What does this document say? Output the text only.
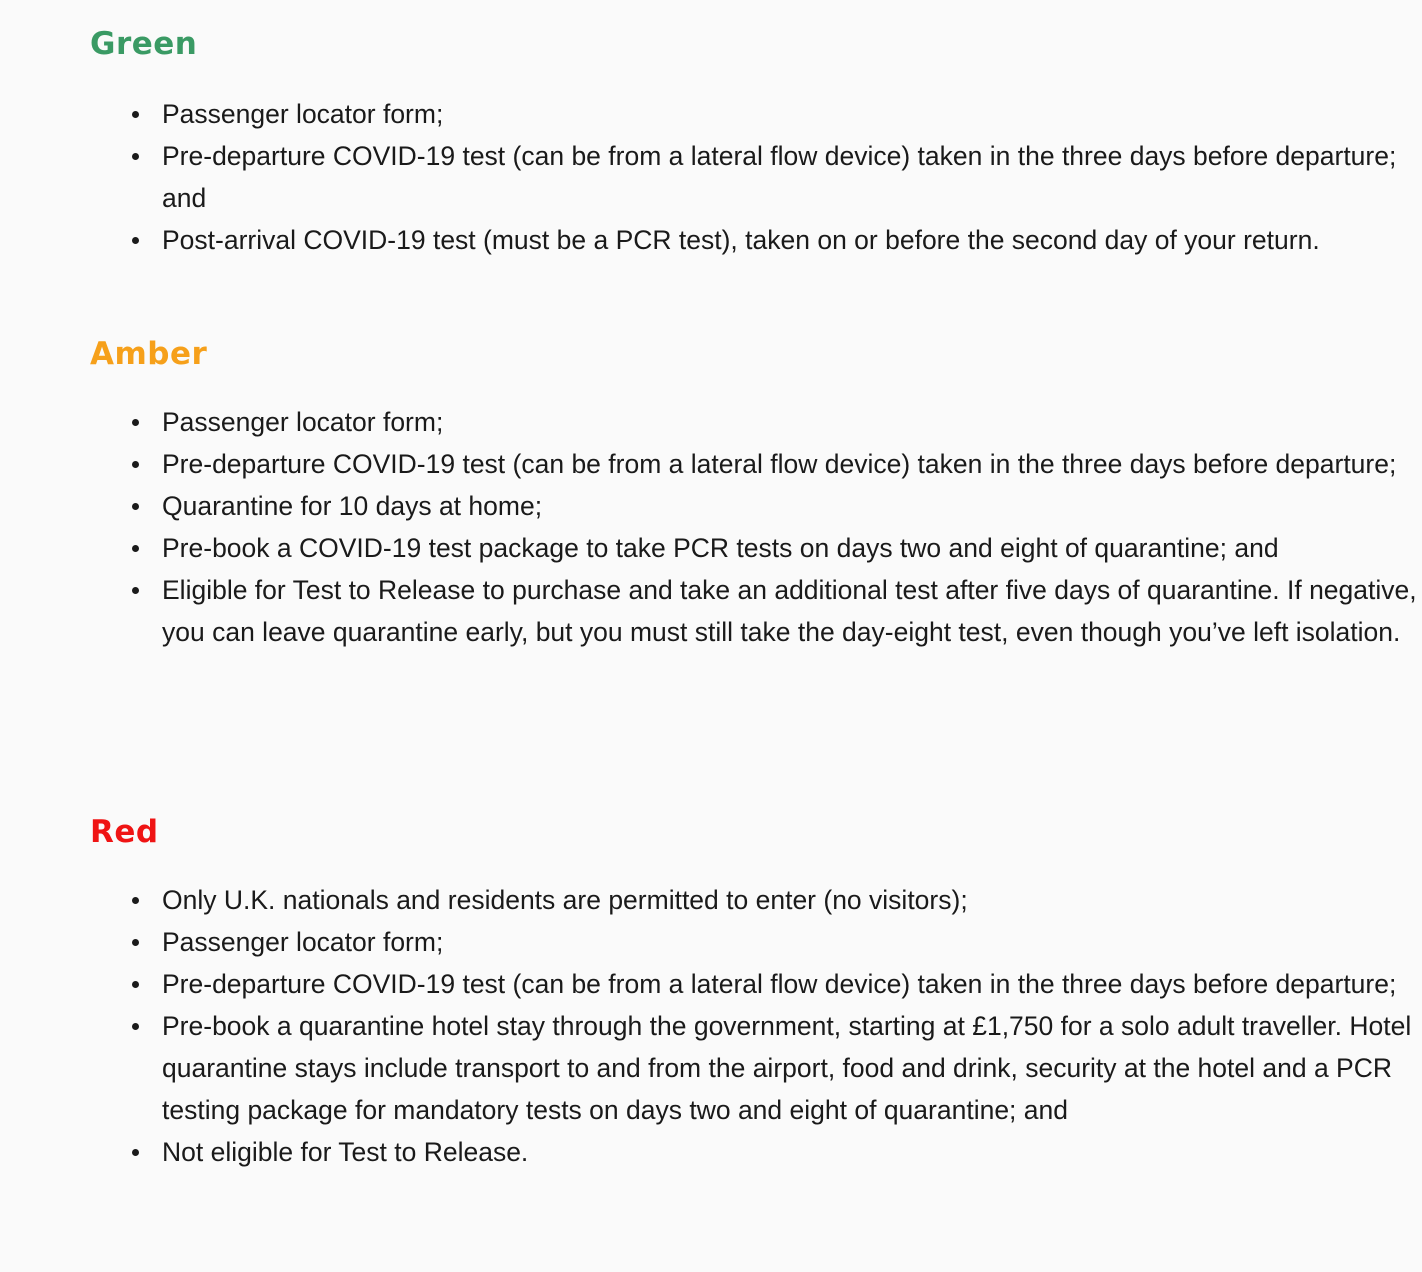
Green
Passenger locator form;
Pre-departure COVID-19 test (can be from a lateral flow device) taken in the three days before departure; and
Post-arrival COVID-19 test (must be a PCR test), taken on or before the second day of your return.
Amber
Passenger locator form;
Pre-departure COVID-19 test (can be from a lateral flow device) taken in the three days before departure;
Quarantine for 10 days at home;
Pre-book a COVID-19 test package to take PCR tests on days two and eight of quarantine; and
Eligible for Test to Release to purchase and take an additional test after five days of quarantine. If negative, you can leave quarantine early, but you must still take the day-eight test, even though you’ve left isolation.
Red
Only U.K. nationals and residents are permitted to enter (no visitors);
Passenger locator form;
Pre-departure COVID-19 test (can be from a lateral flow device) taken in the three days before departure;
Pre-book a quarantine hotel stay through the government, starting at £1,750 for a solo adult traveller. Hotel quarantine stays include transport to and from the airport, food and drink, security at the hotel and a PCR testing package for mandatory tests on days two and eight of quarantine; and
Not eligible for Test to Release.
